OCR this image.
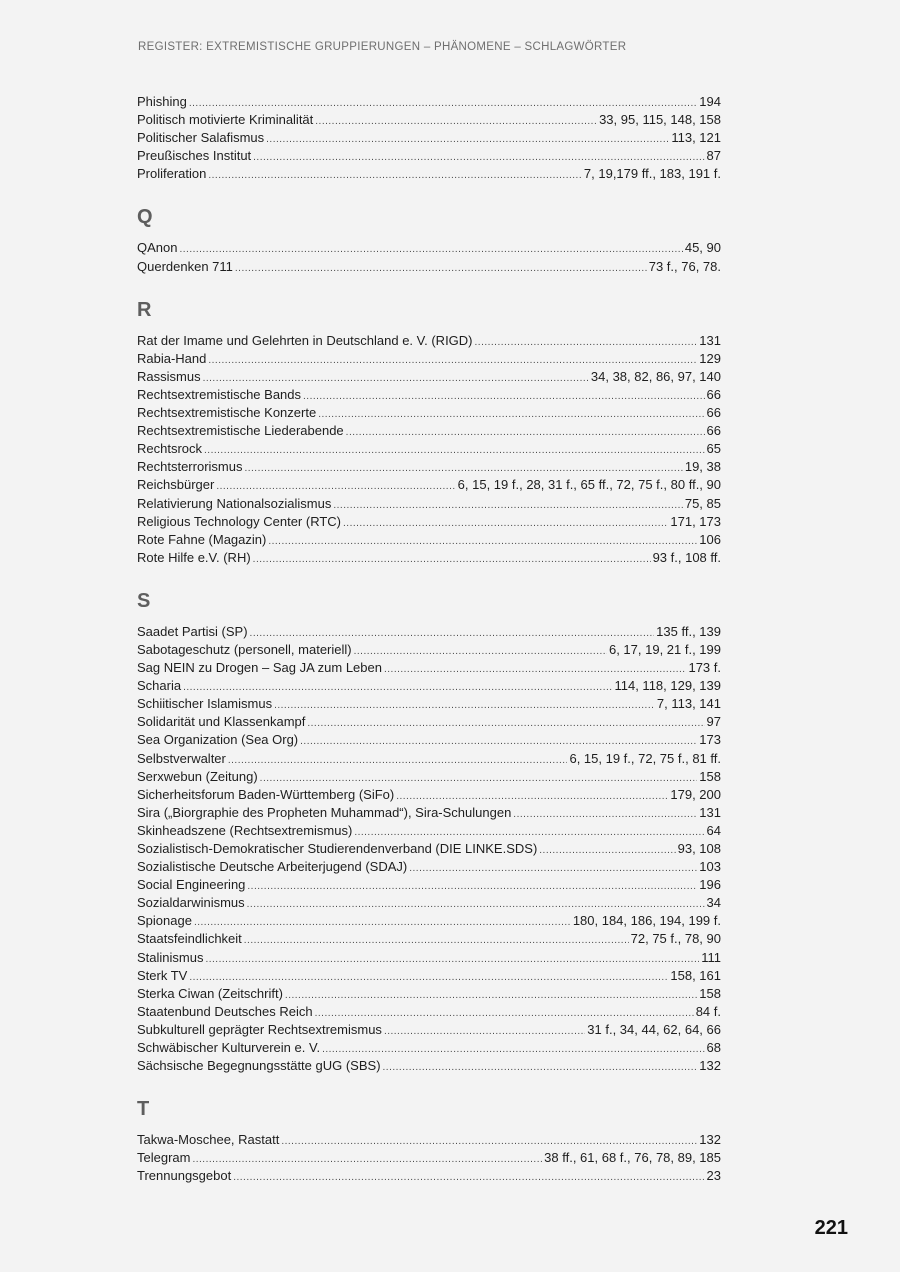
REGISTER: EXTREMISTISCHE GRUPPIERUNGEN – PHÄNOMENE – SCHLAGWÖRTER
Phishing .....	194
Politisch motivierte Kriminalität .....	33, 95, 115, 148, 158
Politischer Salafismus .....	113, 121
Preußisches Institut .....	87
Proliferation .....	7, 19,179 ff., 183, 191 f.
Q
QAnon .....	45, 90
Querdenken 711 .....	73 f., 76, 78.
R
Rat der Imame und Gelehrten in Deutschland e. V. (RIGD) .....	131
Rabia-Hand .....	129
Rassismus .....	34, 38, 82, 86, 97, 140
Rechtsextremistische Bands .....	66
Rechtsextremistische Konzerte .....	66
Rechtsextremistische Liederabende .....	66
Rechtsrock .....	65
Rechtsterrorismus .....	19, 38
Reichsbürger .....	6, 15, 19 f., 28, 31 f., 65 ff., 72, 75 f., 80 ff., 90
Relativierung Nationalsozialismus .....	75, 85
Religious Technology Center (RTC) .....	171, 173
Rote Fahne (Magazin) .....	106
Rote Hilfe e.V. (RH) .....	93 f., 108 ff.
S
Saadet Partisi (SP) .....	135 ff., 139
Sabotageschutz (personell, materiell) .....	6, 17, 19, 21 f., 199
Sag NEIN zu Drogen – Sag JA zum Leben .....	173 f.
Scharia .....	114, 118, 129, 139
Schiitischer Islamismus .....	7, 113, 141
Solidarität und Klassenkampf .....	97
Sea Organization (Sea Org) .....	173
Selbstverwalter .....	6, 15, 19 f., 72, 75 f., 81 ff.
Serxwebun (Zeitung) .....	158
Sicherheitsforum Baden-Württemberg (SiFo) .....	179, 200
Sira („Biorgraphie des Propheten Muhammad“), Sira-Schulungen .....	131
Skinheadszene (Rechtsextremismus) .....	64
Sozialistisch-Demokratischer Studierendenverband (DIE LINKE.SDS) .....	93, 108
Sozialistische Deutsche Arbeiterjugend (SDAJ) .....	103
Social Engineering .....	196
Sozialdarwinismus .....	34
Spionage .....	180, 184, 186, 194, 199 f.
Staatsfeindlichkeit .....	72, 75 f., 78, 90
Stalinismus .....	111
Sterk TV .....	158, 161
Sterka Ciwan (Zeitschrift) .....	158
Staatenbund Deutsches Reich .....	84 f.
Subkulturell geprägter Rechtsextremismus .....	31 f., 34, 44, 62, 64, 66
Schwäbischer Kulturverein e. V. .....	68
Sächsische Begegnungsstätte gUG (SBS) .....	132
T
Takwa-Moschee, Rastatt .....	132
Telegram .....	38 ff., 61, 68 f., 76, 78, 89, 185
Trennungsgebot .....	23
221
